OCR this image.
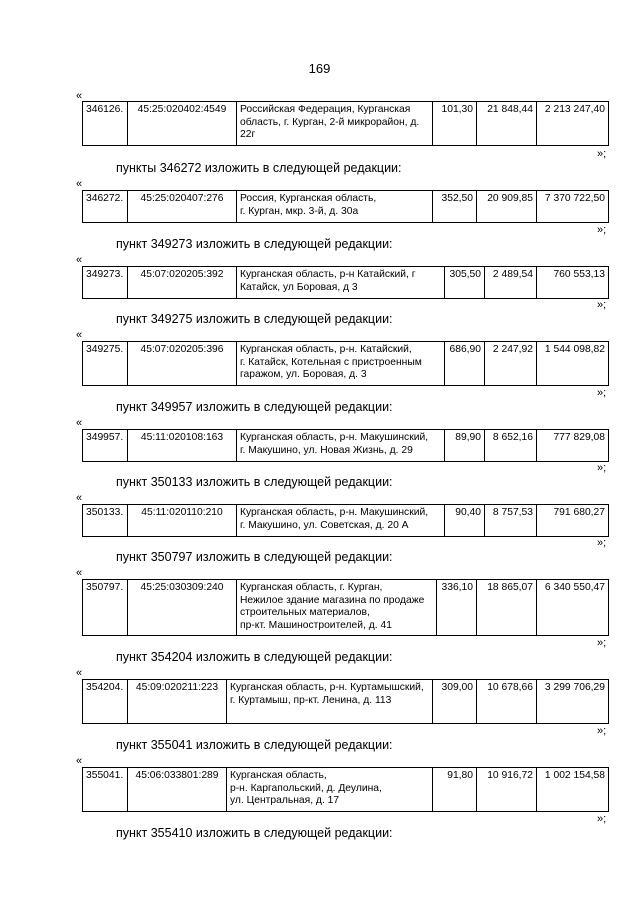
169
«
346126.	45:25:020402:4549	Российская Федерация, Курганская область, г. Курган, 2-й микрорайон, д. 22г	101,30	21 848,44	2 213 247,40
»;
пункты 346272 изложить в следующей редакции:
«
346272.	45:25:020407:276	Россия, Курганская область,
г. Курган, мкр. 3-й, д. 30а	352,50	20 909,85	7 370 722,50
»;
пункт 349273 изложить в следующей редакции:
«
349273.	45:07:020205:392	Курганская область, р-н Катайский, г Катайск, ул Боровая, д 3	305,50	2 489,54	760 553,13
»;
пункт 349275 изложить в следующей редакции:
«
349275.	45:07:020205:396	Курганская область, р-н. Катайский,
г. Катайск, Котельная с пристроенным гаражом, ул. Боровая, д. 3	686,90	2 247,92	1 544 098,82
»;
пункт 349957 изложить в следующей редакции:
«
349957.	45:11:020108:163	Курганская область, р-н. Макушинский,
г. Макушино, ул. Новая Жизнь, д. 29	89,90	8 652,16	777 829,08
»;
пункт 350133 изложить в следующей редакции:
«
350133.	45:11:020110:210	Курганская область, р-н. Макушинский,
г. Макушино, ул. Советская, д. 20 А	90,40	8 757,53	791 680,27
»;
пункт 350797 изложить в следующей редакции:
«
350797.	45:25:030309:240	Курганская область, г. Курган,
Нежилое здание магазина по продаже строительных материалов,
пр-кт. Машиностроителей, д. 41	336,10	18 865,07	6 340 550,47
»;
пункт 354204 изложить в следующей редакции:
«
354204.	45:09:020211:223	Курганская область, р-н. Куртамышский, г. Куртамыш, пр-кт. Ленина, д. 113	309,00	10 678,66	3 299 706,29
»;
пункт 355041 изложить в следующей редакции:
«
355041.	45:06:033801:289	Курганская область,
р-н. Каргапольский, д. Деулина,
ул. Центральная, д. 17	91,80	10 916,72	1 002 154,58
»;
пункт 355410 изложить в следующей редакции:
